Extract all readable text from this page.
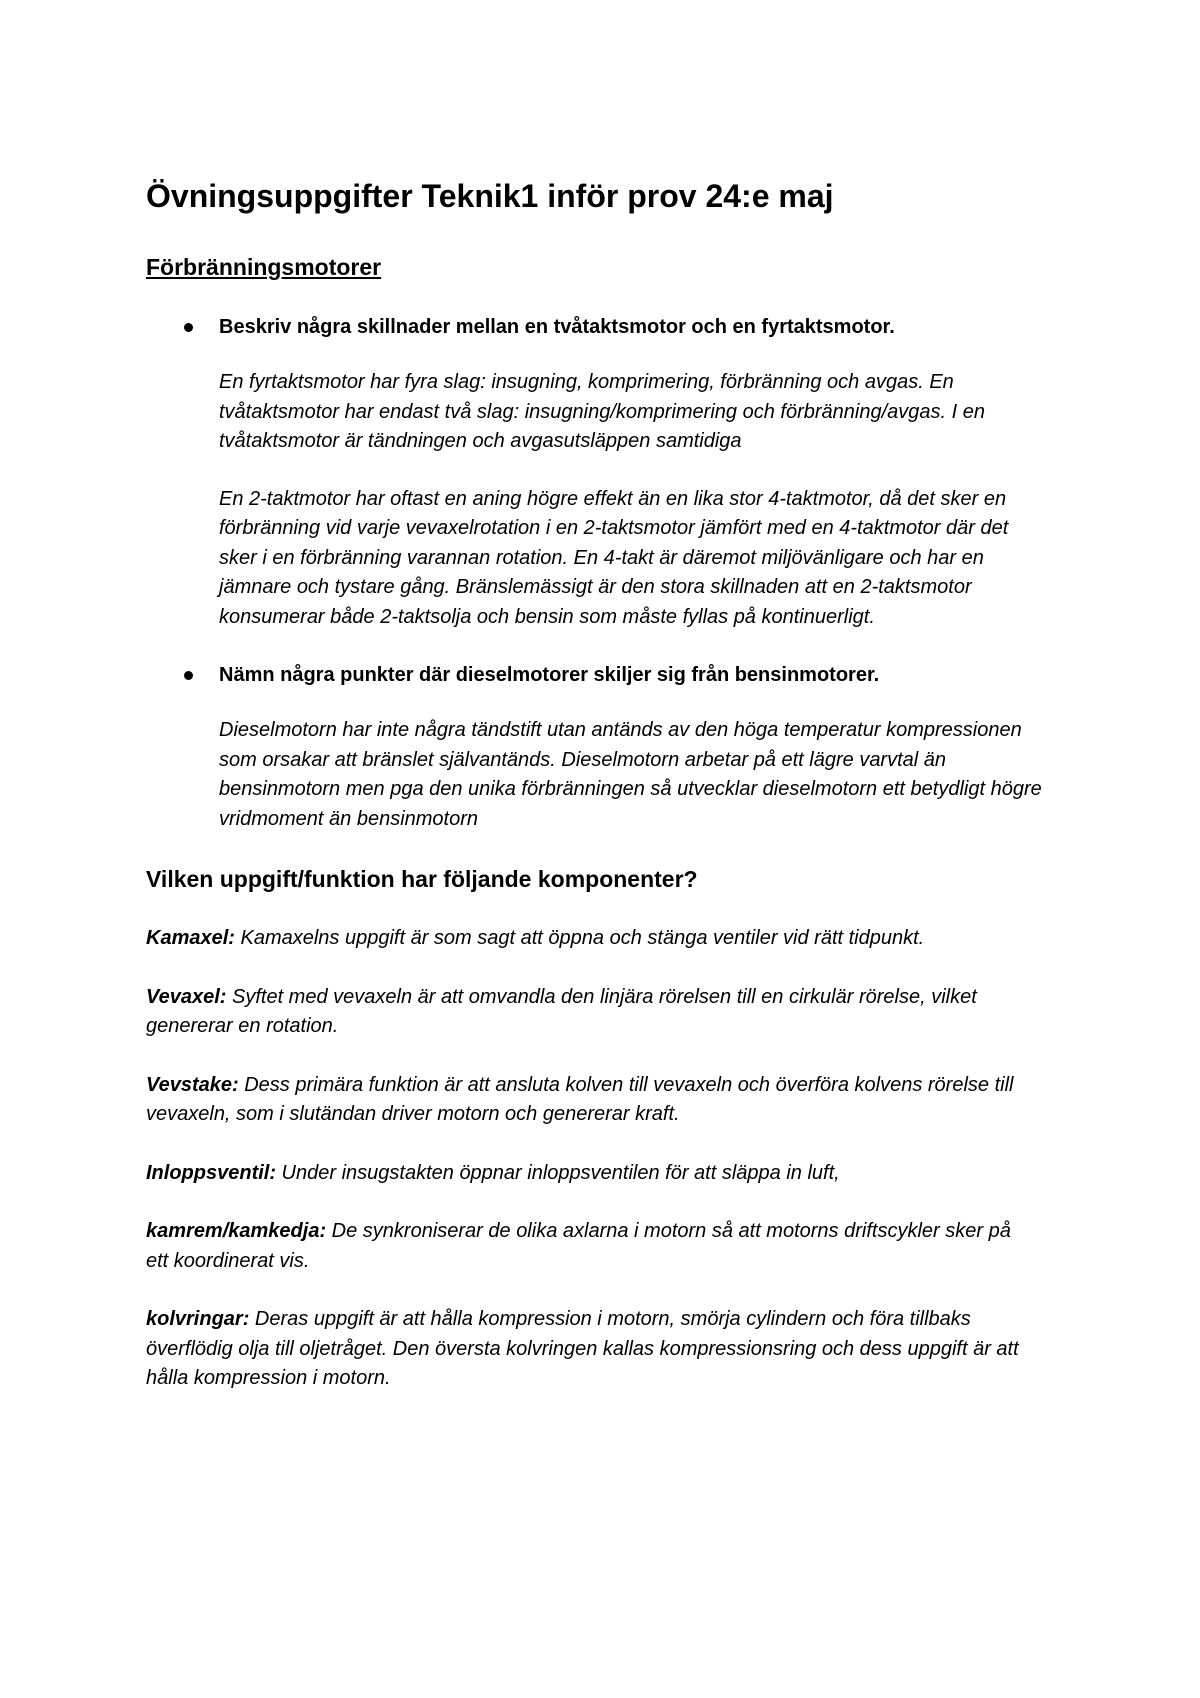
Övningsuppgifter Teknik1 inför prov 24:e maj
Förbränningsmotorer
Beskriv några skillnader mellan en tvåtaktsmotor och en fyrtaktsmotor.

En fyrtaktsmotor har fyra slag: insugning, komprimering, förbränning och avgas. En tvåtaktsmotor har endast två slag: insugning/komprimering och förbränning/avgas. I en tvåtaktsmotor är tändningen och avgasutsläppen samtidiga

En 2-taktmotor har oftast en aning högre effekt än en lika stor 4-taktmotor, då det sker en förbränning vid varje vevaxelrotation i en 2-taktsmotor jämfört med en 4-taktmotor där det sker i en förbränning varannan rotation. En 4-takt är däremot miljövänligare och har en jämnare och tystare gång. Bränslemässigt är den stora skillnaden att en 2-taktsmotor konsumerar både 2-taktsolja och bensin som måste fyllas på kontinuerligt.

Nämn några punkter där dieselmotorer skiljer sig från bensinmotorer.

Dieselmotorn har inte några tändstift utan antänds av den höga temperatur kompressionen som orsakar att bränslet självantänds. Dieselmotorn arbetar på ett lägre varvtal än bensinmotorn men pga den unika förbränningen så utvecklar dieselmotorn ett betydligt högre vridmoment än bensinmotorn

Vilken uppgift/funktion har följande komponenter?

Kamaxel: Kamaxelns uppgift är som sagt att öppna och stänga ventiler vid rätt tidpunkt.

Vevaxel: Syftet med vevaxeln är att omvandla den linjära rörelsen till en cirkulär rörelse, vilket genererar en rotation.

Vevstake: Dess primära funktion är att ansluta kolven till vevaxeln och överföra kolvens rörelse till vevaxeln, som i slutändan driver motorn och genererar kraft.

Inloppsventil: Under insugstakten öppnar inloppsventilen för att släppa in luft,

kamrem/kamkedja: De synkroniserar de olika axlarna i motorn så att motorns driftscykler sker på ett koordinerat vis.

kolvringar: Deras uppgift är att hålla kompression i motorn, smörja cylindern och föra tillbaks överflödig olja till oljetråget. Den översta kolvringen kallas kompressionsring och dess uppgift är att hålla kompression i motorn.
